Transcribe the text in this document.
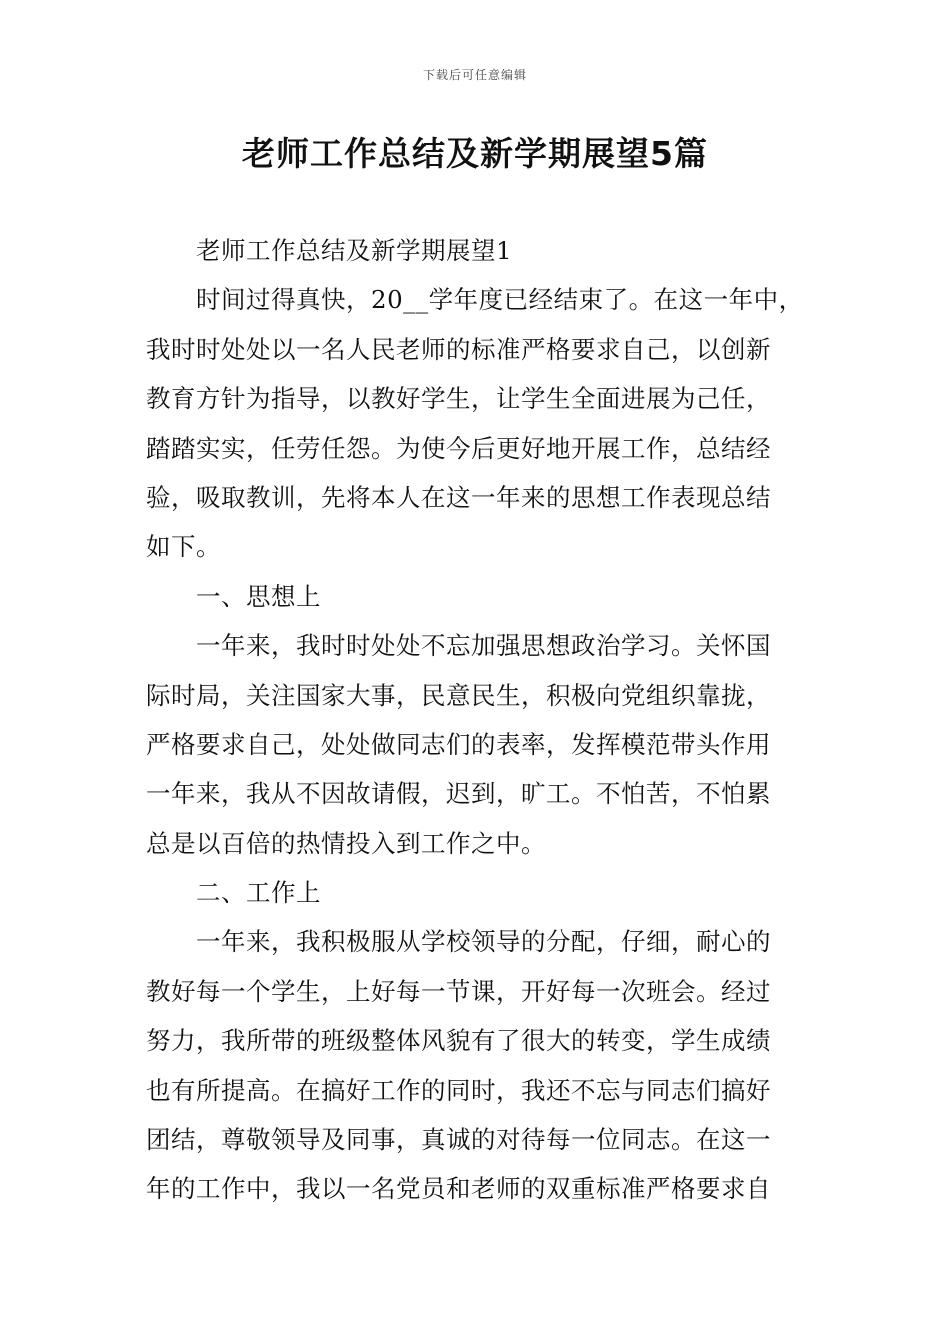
下载后可任意编辑
老师工作总结及新学期展望5篇
老师工作总结及新学期展望1
时间过得真快，20__学年度已经结束了。在这一年中，
我时时处处以一名人民老师的标准严格要求自己，以创新
教育方针为指导，以教好学生，让学生全面进展为己任，
踏踏实实，任劳任怨。为使今后更好地开展工作，总结经
验，吸取教训，先将本人在这一年来的思想工作表现总结
如下。
一、思想上
一年来，我时时处处不忘加强思想政治学习。关怀国
际时局，关注国家大事，民意民生，积极向党组织靠拢，
严格要求自己，处处做同志们的表率，发挥模范带头作用
一年来，我从不因故请假，迟到，旷工。不怕苦，不怕累
总是以百倍的热情投入到工作之中。
二、工作上
一年来，我积极服从学校领导的分配，仔细，耐心的
教好每一个学生，上好每一节课，开好每一次班会。经过
努力，我所带的班级整体风貌有了很大的转变，学生成绩
也有所提高。在搞好工作的同时，我还不忘与同志们搞好
团结，尊敬领导及同事，真诚的对待每一位同志。在这一
年的工作中，我以一名党员和老师的双重标准严格要求自
